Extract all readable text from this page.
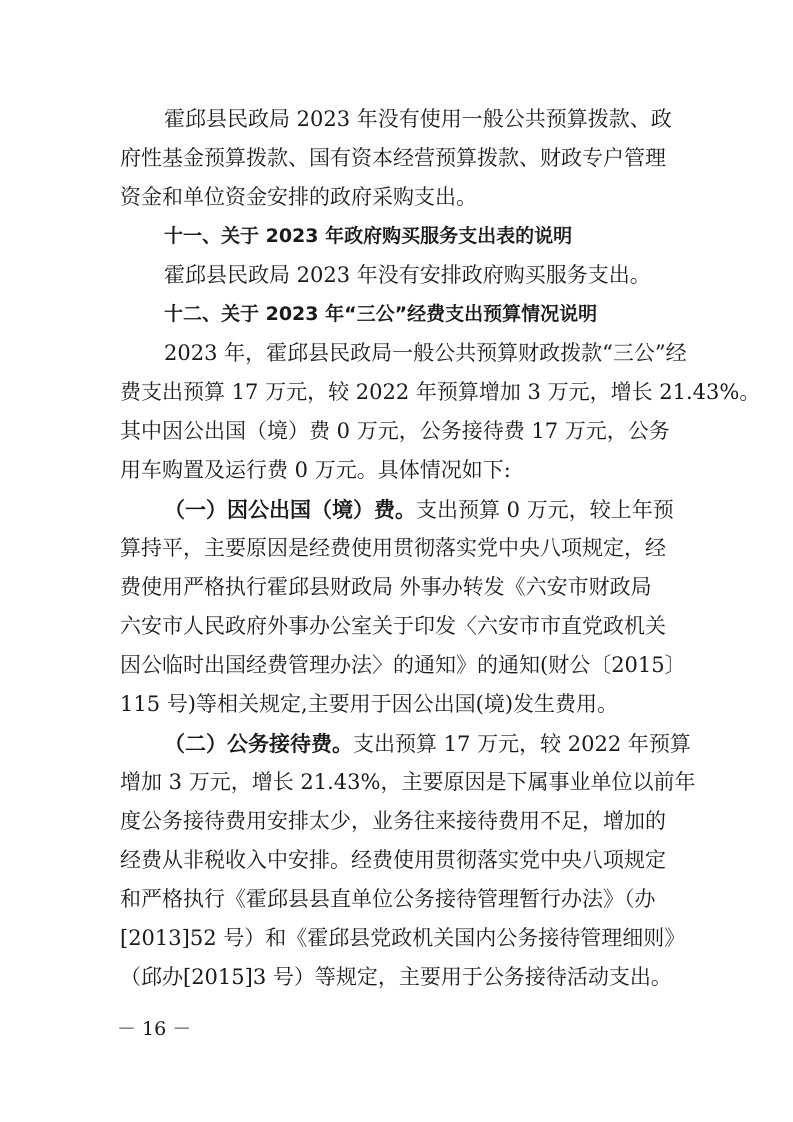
霍邱县民政局 2023 年没有使用一般公共预算拨款、政
府性基金预算拨款、国有资本经营预算拨款、财政专户管理
资金和单位资金安排的政府采购支出。
十一、关于 2023 年政府购买服务支出表的说明
霍邱县民政局 2023 年没有安排政府购买服务支出。
十二、关于 2023 年“三公”经费支出预算情况说明
2023 年，霍邱县民政局一般公共预算财政拨款“三公”经
费支出预算 17 万元，较 2022 年预算增加 3 万元，增长 21.43%。
其中因公出国（境）费 0 万元，公务接待费 17 万元，公务
用车购置及运行费 0 万元。具体情况如下:
（一）因公出国（境）费。支出预算 0 万元，较上年预
算持平，主要原因是经费使用贯彻落实党中央八项规定，经
费使用严格执行霍邱县财政局 外事办转发《六安市财政局
六安市人民政府外事办公室关于印发〈六安市市直党政机关
因公临时出国经费管理办法〉的通知》的通知(财公〔2015〕
115 号)等相关规定,主要用于因公出国(境)发生费用。
（二）公务接待费。支出预算 17 万元，较 2022 年预算
增加 3 万元，增长 21.43%，主要原因是下属事业单位以前年
度公务接待费用安排太少，业务往来接待费用不足，增加的
经费从非税收入中安排。经费使用贯彻落实党中央八项规定
和严格执行《霍邱县县直单位公务接待管理暂行办法》（办
[2013]52 号）和《霍邱县党政机关国内公务接待管理细则》
（邱办[2015]3 号）等规定，主要用于公务接待活动支出。
－ 16 －
